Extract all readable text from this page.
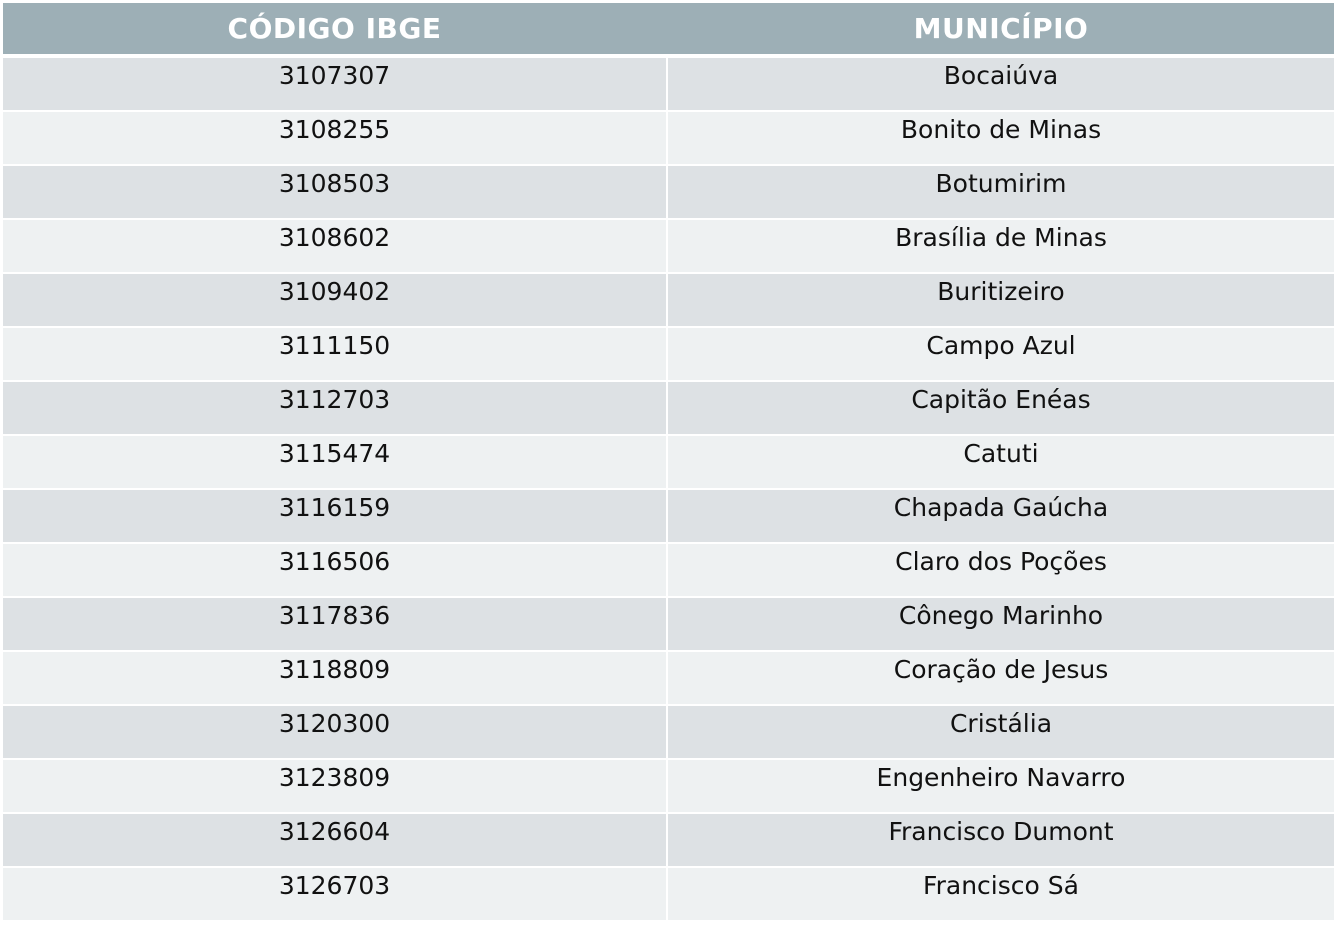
CÓDIGO IBGE	MUNICÍPIO
3107307	Bocaiúva
3108255	Bonito de Minas
3108503	Botumirim
3108602	Brasília de Minas
3109402	Buritizeiro
3111150	Campo Azul
3112703	Capitão Enéas
3115474	Catuti
3116159	Chapada Gaúcha
3116506	Claro dos Poções
3117836	Cônego Marinho
3118809	Coração de Jesus
3120300	Cristália
3123809	Engenheiro Navarro
3126604	Francisco Dumont
3126703	Francisco Sá
